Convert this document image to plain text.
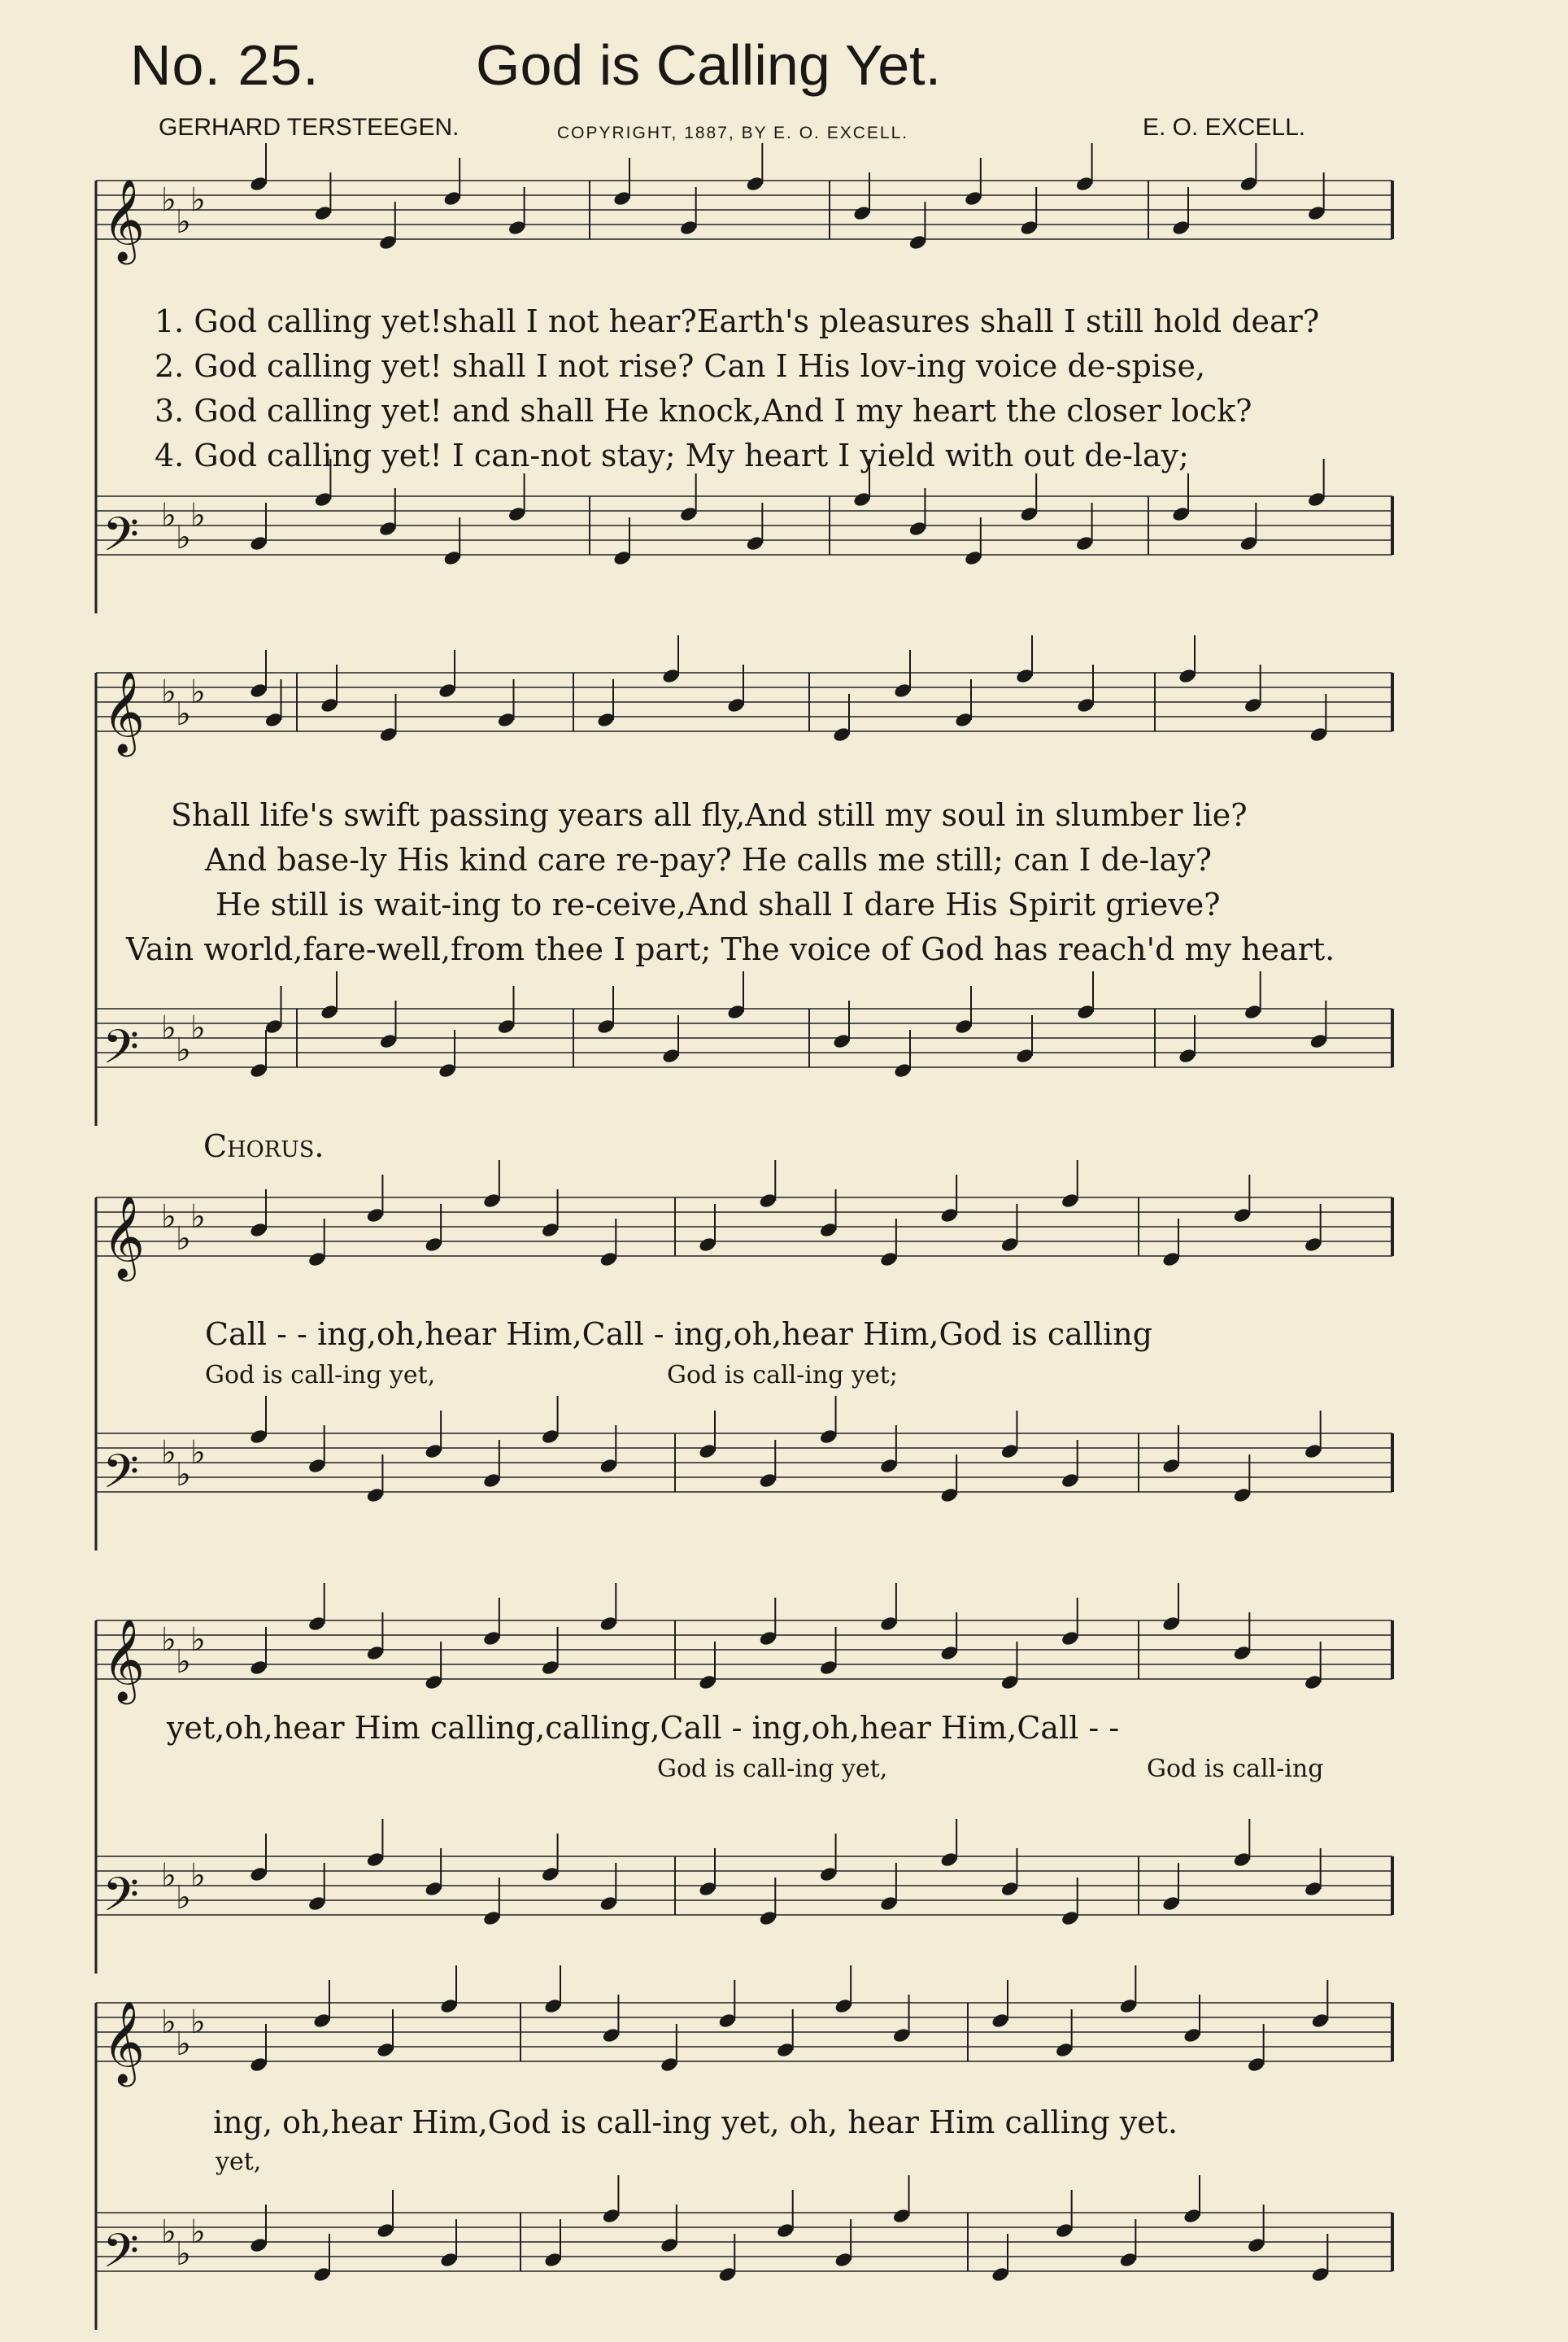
No. 25.	God is Calling Yet.
GERHARD TERSTEEGEN.	COPYRIGHT, 1887, BY E. O. EXCELL.	E. O. EXCELL.
𝄞 ♭
♭
♭
𝄢 ♭
♭
♭
𝄞 ♭
♭
♭
𝄢 ♭
♭
♭
𝄞 ♭
♭
♭
𝄢 ♭
♭
♭
𝄞 ♭
♭
♭
𝄢 ♭
♭
♭
𝄞 ♭
♭
♭
𝄢 ♭
♭
♭
1. God calling yet!shall I not hear?Earth's pleasures shall I still hold dear?
2. God calling yet! shall I not rise? Can I His lov-ing voice de-spise,
3. God calling yet! and shall He knock,And I my heart the closer lock?
4. God calling yet! I can-not stay; My heart I yield with out de-lay;
Shall life's swift passing years all fly,And still my soul in slumber lie?
And base-ly His kind care re-pay? He calls me still; can I de-lay?
He still is wait-ing to re-ceive,And shall I dare His Spirit grieve?
Vain world,fare-well,from thee I part; The voice of God has reach'd my heart.
Chorus.
Call - - ing,oh,hear Him,Call - ing,oh,hear Him,God is calling
God is call-ing yet,	God is call-ing yet;
yet,oh,hear Him calling,calling,Call - ing,oh,hear Him,Call - -
God is call-ing yet,	God is call-ing
ing, oh,hear Him,God is call-ing yet, oh, hear Him calling yet.
yet,
